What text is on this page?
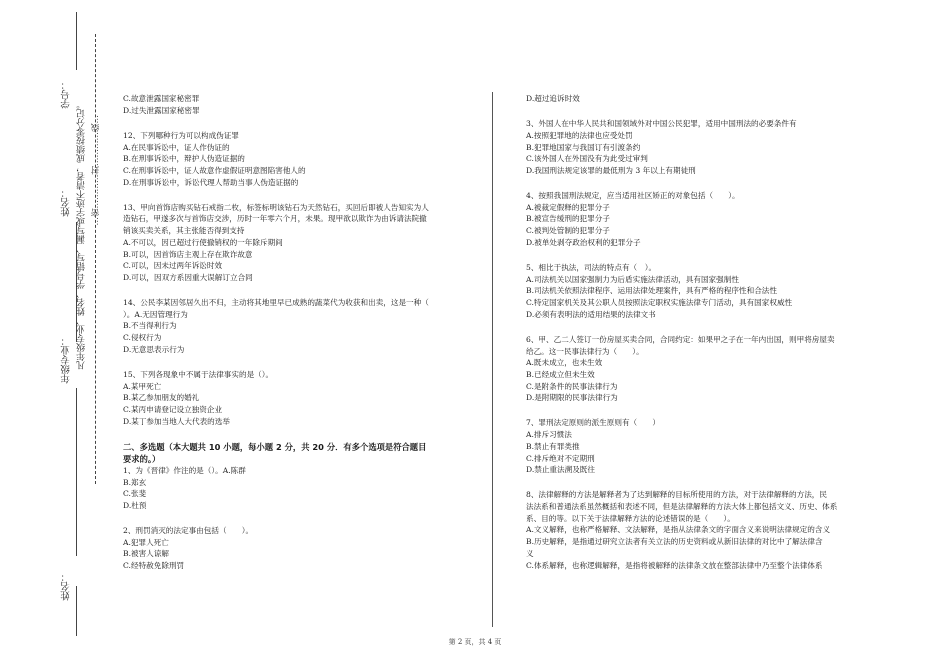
学号：
姓名：
年级专业：
姓名：
凡年级专业、姓名、学号错写、漏写或字迹不清者，成绩按零分记。 …密…………封…………线…

C.故意泄露国家秘密罪

D.过失泄露国家秘密罪

12、下列哪种行为可以构成伪证罪

A.在民事诉讼中，证人作伪证的

B.在刑事诉讼中，辩护人伪造证据的

C.在刑事诉讼中，证人故意作虚假证明意图陷害他人的

D.在刑事诉讼中，诉讼代理人帮助当事人伪造证据的

13、甲向首饰店购买钻石戒指二枚，标签标明该钻石为天然钻石，买回后即被人告知实为人

造钻石，甲遂多次与首饰店交涉，历时一年零六个月，未果。现甲欲以欺诈为由诉请法院撤

销该买卖关系，其主张能否得到支持

A.不可以，因已超过行使撤销权的一年除斥期间

B.可以，因首饰店主观上存在欺诈故意

C.可以，因未过两年诉讼时效

D.可以，因双方系因重大误解订立合同

14、公民李某因邻居久出不归，主动将其地里早已成熟的蔬菜代为收获和出卖，这是一种（

）。A.无因管理行为

B.不当得利行为

C.侵权行为

D.无意思表示行为

15、下列各现象中不属于法律事实的是（）。

A.某甲死亡

B.某乙参加朋友的婚礼

C.某丙申请登记设立独资企业

D.某丁参加当地人大代表的选举

二、多选题（本大题共 10 小题，每小题 2 分，共 20 分．有多个选项是符合题目

要求的。）

1、为《晋律》作注的是（）。A.陈群

B.郑玄

C.张斐

D.杜预

2、刑罚消灭的法定事由包括（　　）。

A.犯罪人死亡

B.被害人谅解

C.经特赦免除刑罚

D.超过追诉时效

3、外国人在中华人民共和国领域外对中国公民犯罪，适用中国刑法的必要条件有

A.按照犯罪地的法律也应受处罚

B.犯罪地国家与我国订有引渡条约

C.该外国人在外国没有为此受过审判

D.我国刑法规定该罪的最低刑为 3 年以上有期徒刑

4、按照我国刑法规定，应当适用社区矫正的对象包括（　　）。

A.被裁定假释的犯罪分子

B.被宣告缓刑的犯罪分子

C.被判处管制的犯罪分子

D.被单处剥夺政治权利的犯罪分子

5、相比于执法，司法的特点有（　）。

A.司法机关以国家强制力为后盾实施法律活动，具有国家强制性

B.司法机关依照法律程序、运用法律处理案件，具有严格的程序性和合法性

C.特定国家机关及其公职人员按照法定职权实施法律专门活动，具有国家权威性

D.必须有表明法的适用结果的法律文书

6、甲、乙二人签订一份房屋买卖合同，合同约定：如果甲之子在一年内出国，则甲将房屋卖

给乙。这一民事法律行为（　　）。

A.既未成立，也未生效

B.已经成立但未生效

C.是附条件的民事法律行为

D.是附期限的民事法律行为

7、罪刑法定原则的派生原则有（　　）

A.排斥习惯法

B.禁止有罪类推

C.排斥绝对不定期刑

D.禁止重法溯及既往

8、法律解释的方法是解释者为了达到解释的目标所使用的方法，对于法律解释的方法，民

法法系和普通法系虽然概括和表述不同，但是法律解释的方法大体上都包括文义、历史、体系

系、目的等。以下关于法律解释方法的论述错误的是（　　）。

A.文义解释，也称严格解释、文法解释，是指从法律条文的字面含义来说明法律规定的含义

B.历史解释，是指通过研究立法者有关立法的历史资料或从新旧法律的对比中了解法律含

义

C.体系解释，也称逻辑解释，是指将被解释的法律条文放在整部法律中乃至整个法律体系

第 2 页，共 4 页
